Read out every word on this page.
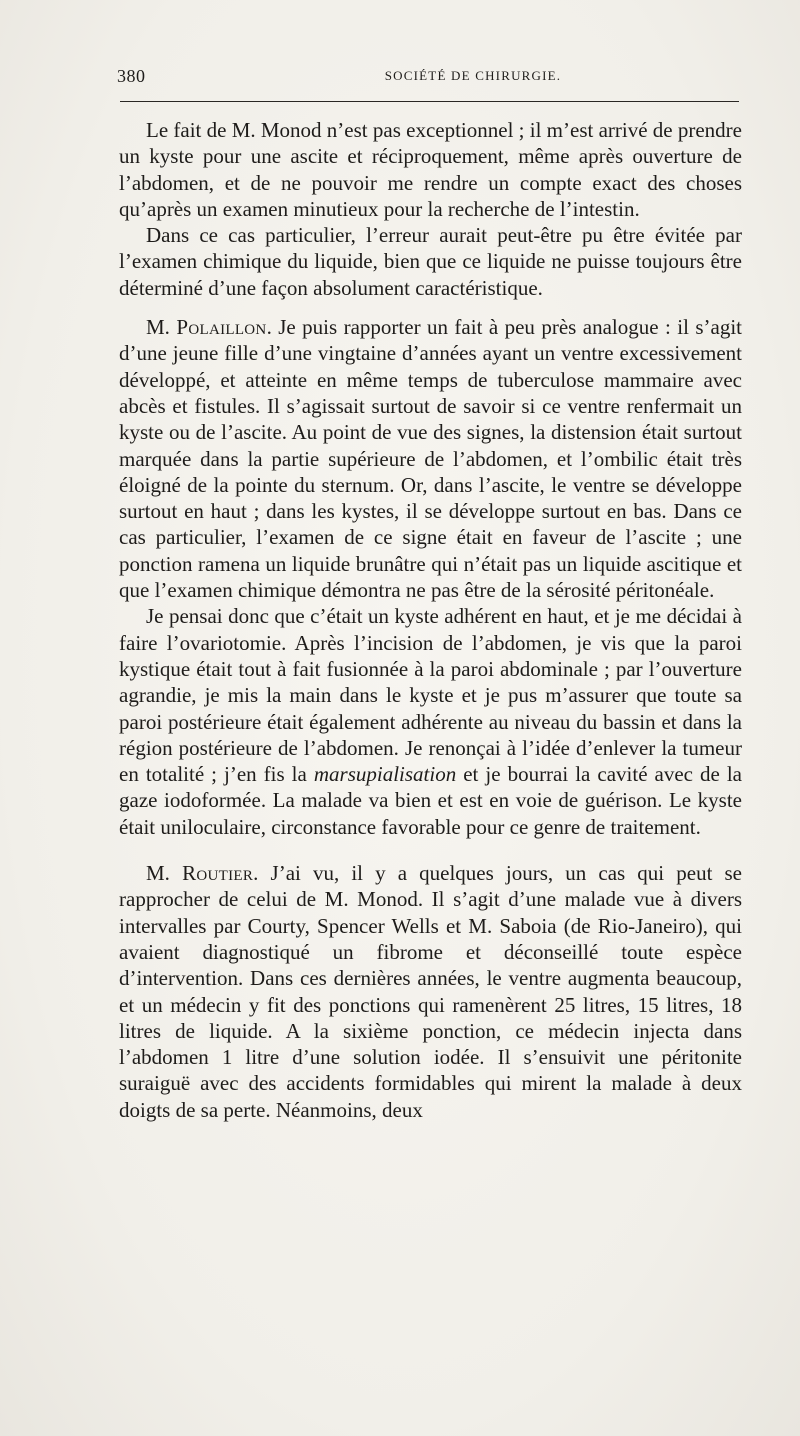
380	SOCIÉTÉ DE CHIRURGIE.

Le fait de M. Monod n’est pas exceptionnel ; il m’est arrivé de prendre un kyste pour une ascite et réciproquement, même après ouverture de l’abdomen, et de ne pouvoir me rendre un compte exact des choses qu’après un examen minutieux pour la recherche de l’intestin.

Dans ce cas particulier, l’erreur aurait peut-être pu être évitée par l’examen chimique du liquide, bien que ce liquide ne puisse toujours être déterminé d’une façon absolument caractéristique.

M. Polaillon. Je puis rapporter un fait à peu près analogue : il s’agit d’une jeune fille d’une vingtaine d’années ayant un ventre excessivement développé, et atteinte en même temps de tuberculose mammaire avec abcès et fistules. Il s’agissait surtout de savoir si ce ventre renfermait un kyste ou de l’ascite. Au point de vue des signes, la distension était surtout marquée dans la partie supérieure de l’abdomen, et l’ombilic était très éloigné de la pointe du sternum. Or, dans l’ascite, le ventre se développe surtout en haut ; dans les kystes, il se développe surtout en bas. Dans ce cas particulier, l’examen de ce signe était en faveur de l’ascite ; une ponction ramena un liquide brunâtre qui n’était pas un liquide ascitique et que l’examen chimique démontra ne pas être de la sérosité péritonéale.

Je pensai donc que c’était un kyste adhérent en haut, et je me décidai à faire l’ovariotomie. Après l’incision de l’abdomen, je vis que la paroi kystique était tout à fait fusionnée à la paroi abdominale ; par l’ouverture agrandie, je mis la main dans le kyste et je pus m’assurer que toute sa paroi postérieure était également adhérente au niveau du bassin et dans la région postérieure de l’abdomen. Je renonçai à l’idée d’enlever la tumeur en totalité ; j’en fis la marsupialisation et je bourrai la cavité avec de la gaze iodoformée. La malade va bien et est en voie de guérison. Le kyste était uniloculaire, circonstance favorable pour ce genre de traitement.

M. Routier. J’ai vu, il y a quelques jours, un cas qui peut se rapprocher de celui de M. Monod. Il s’agit d’une malade vue à divers intervalles par Courty, Spencer Wells et M. Saboia (de Rio-Janeiro), qui avaient diagnostiqué un fibrome et déconseillé toute espèce d’intervention. Dans ces dernières années, le ventre augmenta beaucoup, et un médecin y fit des ponctions qui ramenèrent 25 litres, 15 litres, 18 litres de liquide. A la sixième ponction, ce médecin injecta dans l’abdomen 1 litre d’une solution iodée. Il s’ensuivit une péritonite suraiguë avec des accidents formidables qui mirent la malade à deux doigts de sa perte. Néanmoins, deux
